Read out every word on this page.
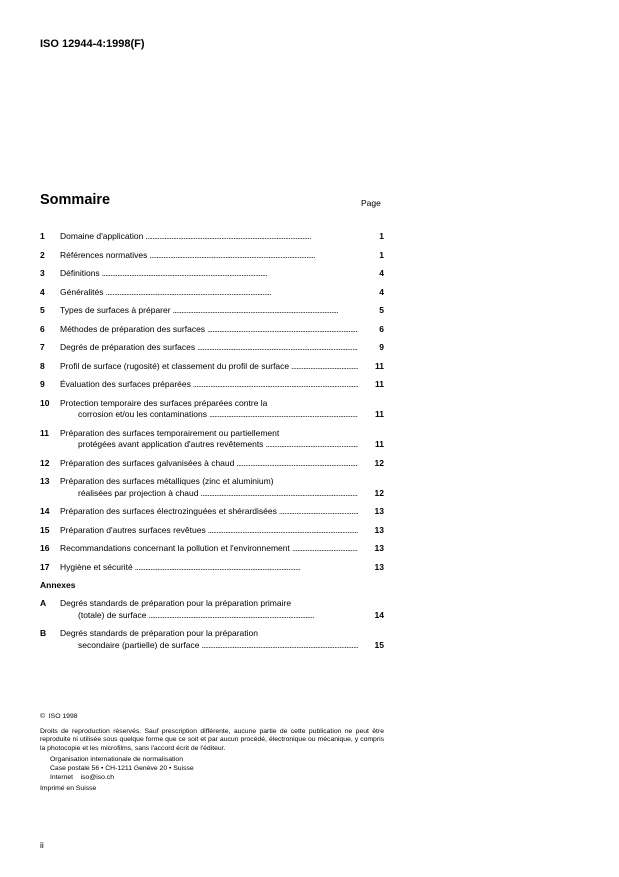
ISO 12944-4:1998(F)
Sommaire	Page
1	Domaine d'application . . .	1
2	Références normatives . . .	1
3	Définitions . . .	4
4	Généralités . . .	4
5	Types de surfaces à préparer . . .	5
6	Méthodes de préparation des surfaces . . .	6
7	Degrés de préparation des surfaces . . .	9
8	Profil de surface (rugosité) et classement du profil de surface . . .	11
9	Évaluation des surfaces préparées . . .	11
10	Protection temporaire des surfaces préparées contre la
corrosion et/ou les contaminations . . .	11
11	Préparation des surfaces temporairement ou partiellement
protégées avant application d'autres revêtements . . .	11
12	Préparation des surfaces galvanisées à chaud . . .	12
13	Préparation des surfaces métalliques (zinc et aluminium)
réalisées par projection à chaud . . .	12
14	Préparation des surfaces électrozinguées et shérardisées . . .	13
15	Préparation d'autres surfaces revêtues . . .	13
16	Recommandations concernant la pollution et l'environnement . . .	13
17	Hygiène et sécurité . . .	13
Annexes
A	Degrés standards de préparation pour la préparation primaire
(totale) de surface . . .	14
B	Degrés standards de préparation pour la préparation
secondaire (partielle) de surface . . .	15

© ISO 1998

Droits de reproduction réservés. Sauf prescription différente, aucune partie de cette publication ne peut être reproduite ni utilisée sous quelque forme que ce soit et par aucun procédé, électronique ou mécanique, y compris la photocopie et les microfilms, sans l'accord écrit de l'éditeur.

Organisation internationale de normalisation

Case postale 56 • CH-1211 Genève 20 • Suisse

Internet iso@iso.ch

Imprimé en Suisse

ii
